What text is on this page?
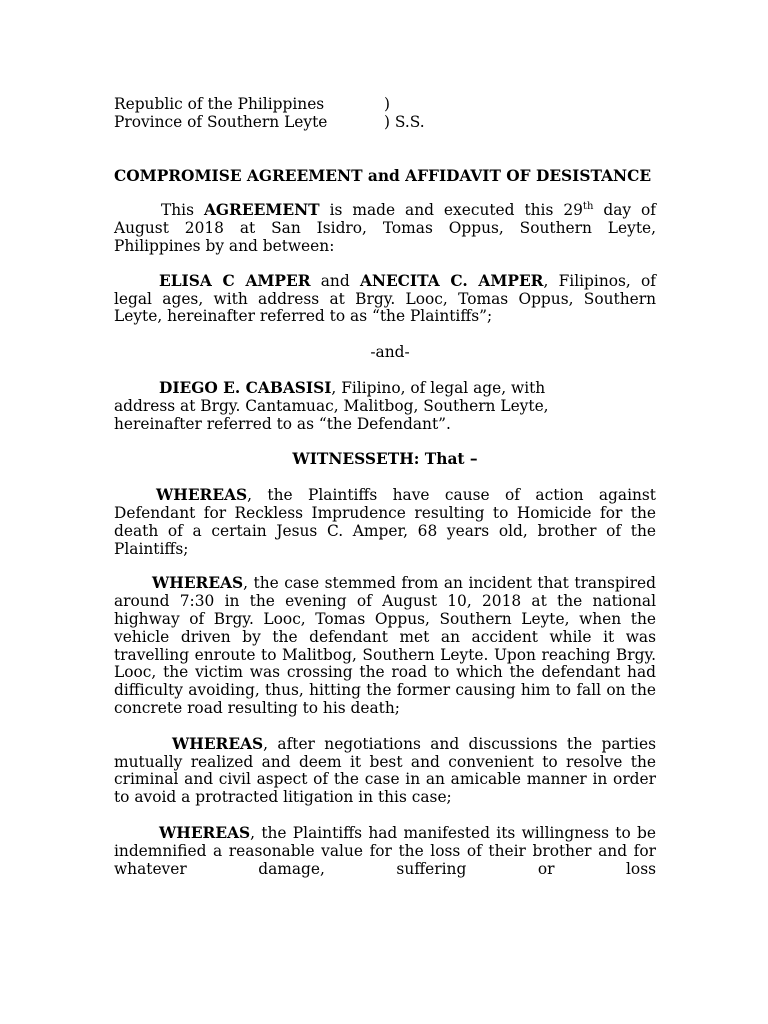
Republic of the Philippines	)
Province of Southern Leyte	) S.S.
COMPROMISE AGREEMENT and AFFIDAVIT OF DESISTANCE

This AGREEMENT is made and executed this 29th day of August 2018 at San Isidro, Tomas Oppus, Southern Leyte, Philippines by and between:

ELISA C AMPER and ANECITA C. AMPER, Filipinos, of legal ages, with address at Brgy. Looc, Tomas Oppus, Southern Leyte, hereinafter referred to as “the Plaintiffs”;

-and-

DIEGO E. CABASISI, Filipino, of legal age, with address at Brgy. Cantamuac, Malitbog, Southern Leyte, hereinafter referred to as “the Defendant”.

WITNESSETH: That –

WHEREAS, the Plaintiffs have cause of action against Defendant for Reckless Imprudence resulting to Homicide for the death of a certain Jesus C. Amper, 68 years old, brother of the Plaintiffs;

WHEREAS, the case stemmed from an incident that transpired around 7:30 in the evening of August 10, 2018 at the national highway of Brgy. Looc, Tomas Oppus, Southern Leyte, when the vehicle driven by the defendant met an accident while it was travelling enroute to Malitbog, Southern Leyte. Upon reaching Brgy. Looc, the victim was crossing the road to which the defendant had difficulty avoiding, thus, hitting the former causing him to fall on the concrete road resulting to his death;

WHEREAS, after negotiations and discussions the parties mutually realized and deem it best and convenient to resolve the criminal and civil aspect of the case in an amicable manner in order to avoid a protracted litigation in this case;

WHEREAS, the Plaintiffs had manifested its willingness to be indemnified a reasonable value for the loss of their brother and for whatever damage, suffering or loss
